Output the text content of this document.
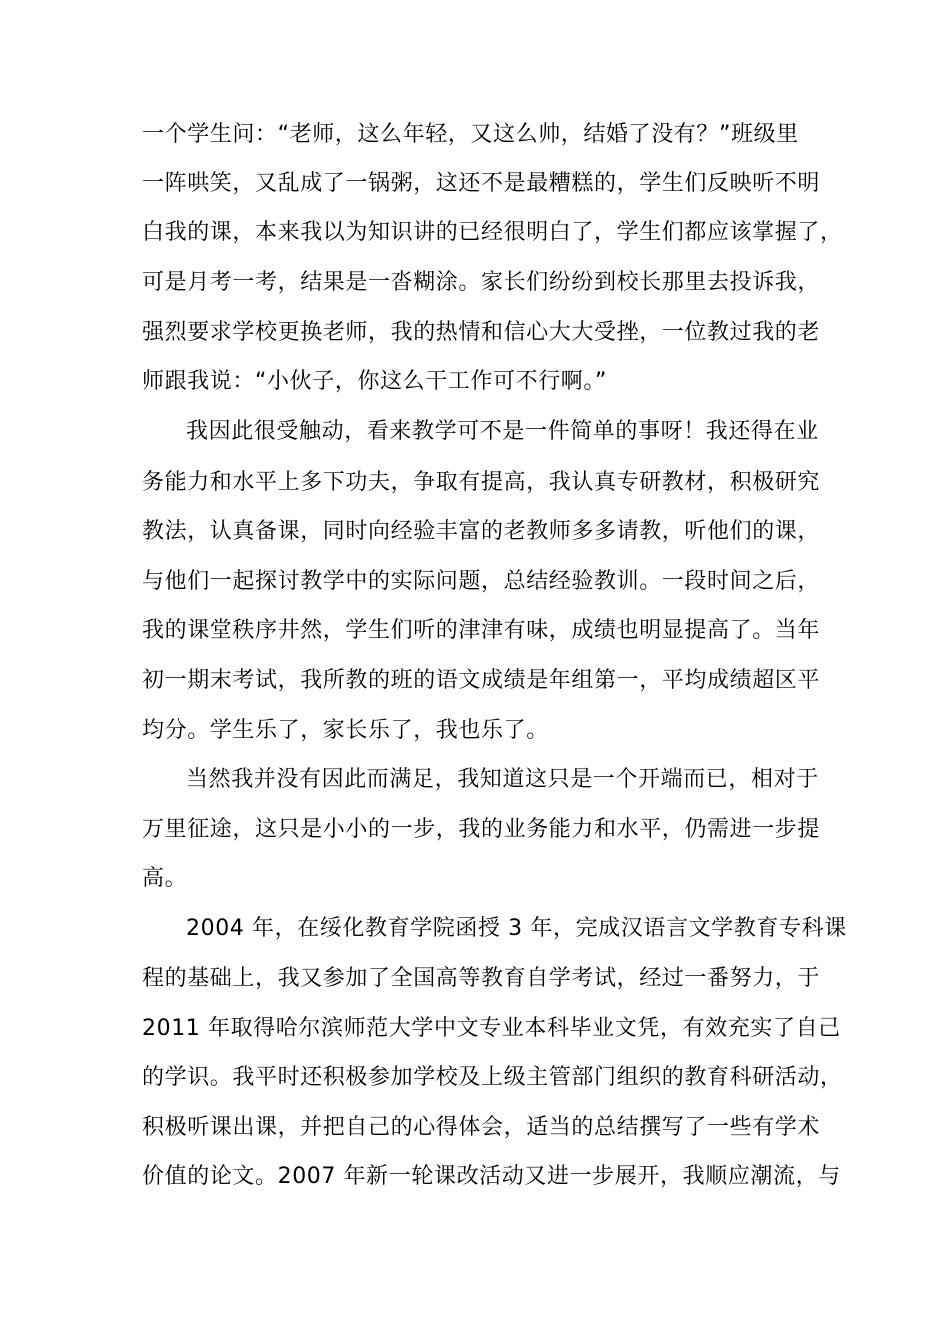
一个学生问：“老师，这么年轻，又这么帅，结婚了没有？”班级里

一阵哄笑，又乱成了一锅粥，这还不是最糟糕的，学生们反映听不明

白我的课，本来我以为知识讲的已经很明白了，学生们都应该掌握了，

可是月考一考，结果是一沓糊涂。家长们纷纷到校长那里去投诉我，

强烈要求学校更换老师，我的热情和信心大大受挫，一位教过我的老

师跟我说：“小伙子，你这么干工作可不行啊。”

我因此很受触动，看来教学可不是一件简单的事呀！我还得在业

务能力和水平上多下功夫，争取有提高，我认真专研教材，积极研究

教法，认真备课，同时向经验丰富的老教师多多请教，听他们的课，

与他们一起探讨教学中的实际问题，总结经验教训。一段时间之后，

我的课堂秩序井然，学生们听的津津有味，成绩也明显提高了。当年

初一期末考试，我所教的班的语文成绩是年组第一，平均成绩超区平

均分。学生乐了，家长乐了，我也乐了。

当然我并没有因此而满足，我知道这只是一个开端而已，相对于

万里征途，这只是小小的一步，我的业务能力和水平，仍需进一步提

高。

2004 年，在绥化教育学院函授 3 年，完成汉语言文学教育专科课

程的基础上，我又参加了全国高等教育自学考试，经过一番努力，于

2011 年取得哈尔滨师范大学中文专业本科毕业文凭，有效充实了自己

的学识。我平时还积极参加学校及上级主管部门组织的教育科研活动，

积极听课出课，并把自己的心得体会，适当的总结撰写了一些有学术

价值的论文。2007 年新一轮课改活动又进一步展开，我顺应潮流，与
